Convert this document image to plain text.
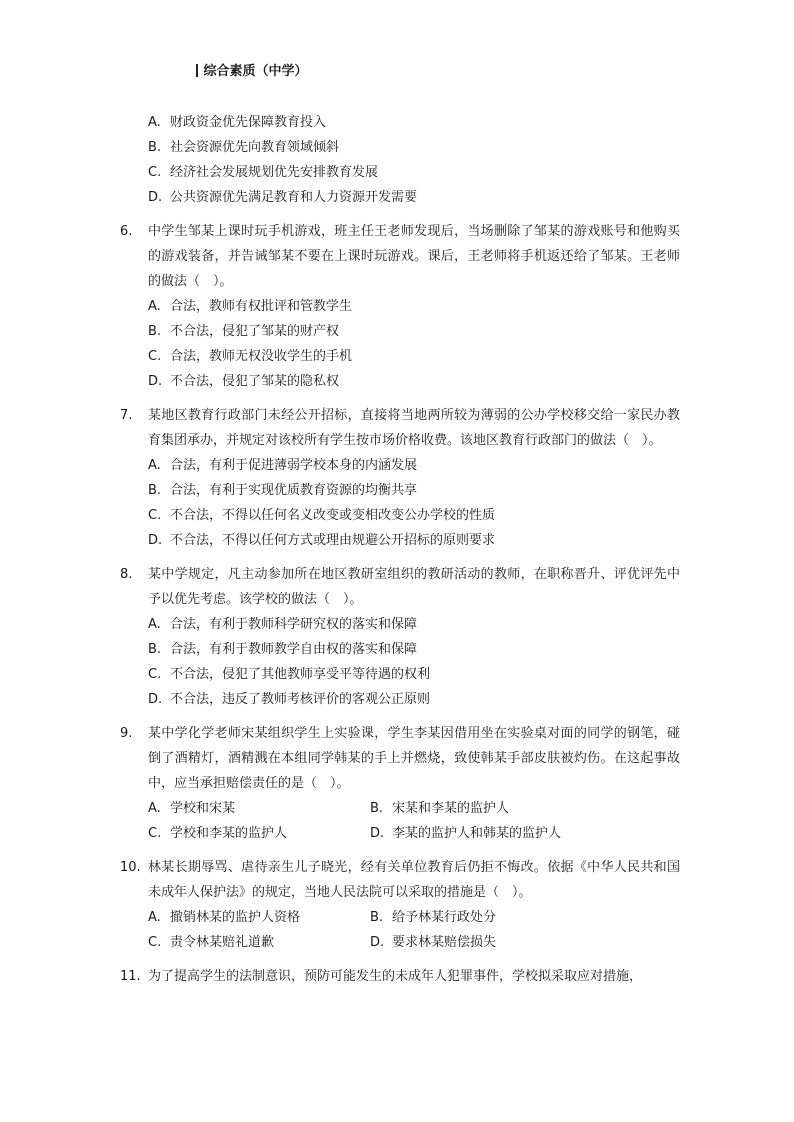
综合素质（中学）
A. 财政资金优先保障教育投入
B. 社会资源优先向教育领域倾斜
C. 经济社会发展规划优先安排教育发展
D. 公共资源优先满足教育和人力资源开发需要
6.	中学生邹某上课时玩手机游戏，班主任王老师发现后，当场删除了邹某的游戏账号和他购买的游戏装备，并告诫邹某不要在上课时玩游戏。课后，王老师将手机返还给了邹某。王老师的做法（　）。
A. 合法，教师有权批评和管教学生
B. 不合法，侵犯了邹某的财产权
C. 合法，教师无权没收学生的手机
D. 不合法，侵犯了邹某的隐私权
7.	某地区教育行政部门未经公开招标，直接将当地两所较为薄弱的公办学校移交给一家民办教育集团承办，并规定对该校所有学生按市场价格收费。该地区教育行政部门的做法（　）。
A. 合法，有利于促进薄弱学校本身的内涵发展
B. 合法，有利于实现优质教育资源的均衡共享
C. 不合法，不得以任何名义改变或变相改变公办学校的性质
D. 不合法，不得以任何方式或理由规避公开招标的原则要求
8.	某中学规定，凡主动参加所在地区教研室组织的教研活动的教师，在职称晋升、评优评先中予以优先考虑。该学校的做法（　）。
A. 合法，有利于教师科学研究权的落实和保障
B. 合法，有利于教师教学自由权的落实和保障
C. 不合法，侵犯了其他教师享受平等待遇的权利
D. 不合法，违反了教师考核评价的客观公正原则
9.	某中学化学老师宋某组织学生上实验课，学生李某因借用坐在实验桌对面的同学的钢笔，碰倒了酒精灯，酒精溅在本组同学韩某的手上并燃烧，致使韩某手部皮肤被灼伤。在这起事故中，应当承担赔偿责任的是（　）。
A. 学校和宋某	B. 宋某和李某的监护人
C. 学校和李某的监护人	D. 李某的监护人和韩某的监护人
10. 林某长期辱骂、虐待亲生儿子晓光，经有关单位教育后仍拒不悔改。依据《中华人民共和国未成年人保护法》的规定，当地人民法院可以采取的措施是（　）。
A. 撤销林某的监护人资格	B. 给予林某行政处分
C. 责令林某赔礼道歉	D. 要求林某赔偿损失
11. 为了提高学生的法制意识，预防可能发生的未成年人犯罪事件，学校拟采取应对措施，
